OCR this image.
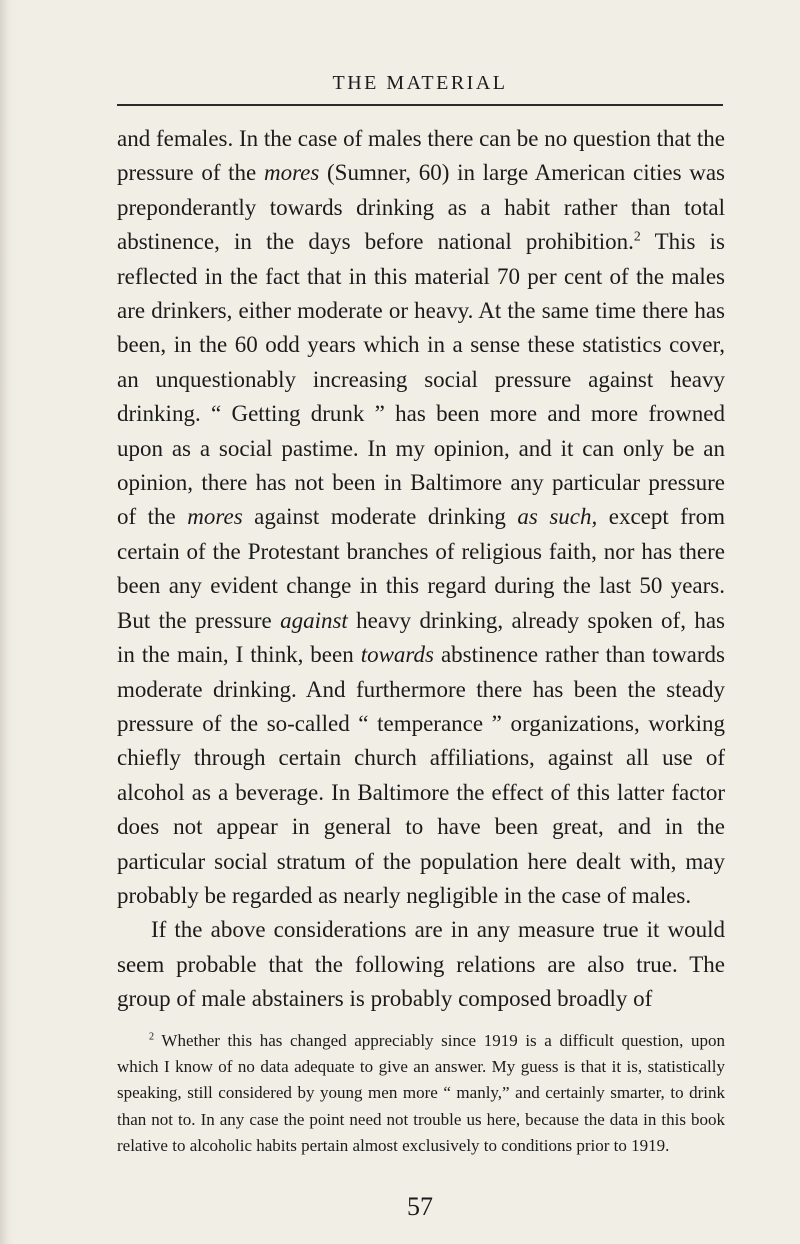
THE MATERIAL

and females. In the case of males there can be no question that the pressure of the mores (Sumner, 60) in large American cities was preponderantly towards drinking as a habit rather than total abstinence, in the days before national prohibition.$^2$ This is reflected in the fact that in this material 70 per cent of the males are drinkers, either moderate or heavy. At the same time there has been, in the 60 odd years which in a sense these statistics cover, an unquestionably increasing social pressure against heavy drinking. “ Getting drunk ” has been more and more frowned upon as a social pastime. In my opinion, and it can only be an opinion, there has not been in Baltimore any particular pressure of the mores against moderate drinking as such, except from certain of the Protestant branches of religious faith, nor has there been any evident change in this regard during the last 50 years. But the pressure against heavy drinking, already spoken of, has in the main, I think, been towards abstinence rather than towards moderate drinking. And furthermore there has been the steady pressure of the so-called “ temperance ” organizations, working chiefly through certain church affiliations, against all use of alcohol as a beverage. In Baltimore the effect of this latter factor does not appear in general to have been great, and in the particular social stratum of the population here dealt with, may probably be regarded as nearly negligible in the case of males.

If the above considerations are in any measure true it would seem probable that the following relations are also true. The group of male abstainers is probably composed broadly of

$^2$ Whether this has changed appreciably since 1919 is a difficult question, upon which I know of no data adequate to give an answer. My guess is that it is, statistically speaking, still considered by young men more “ manly,” and certainly smarter, to drink than not to. In any case the point need not trouble us here, because the data in this book relative to alcoholic habits pertain almost exclusively to conditions prior to 1919.

57
